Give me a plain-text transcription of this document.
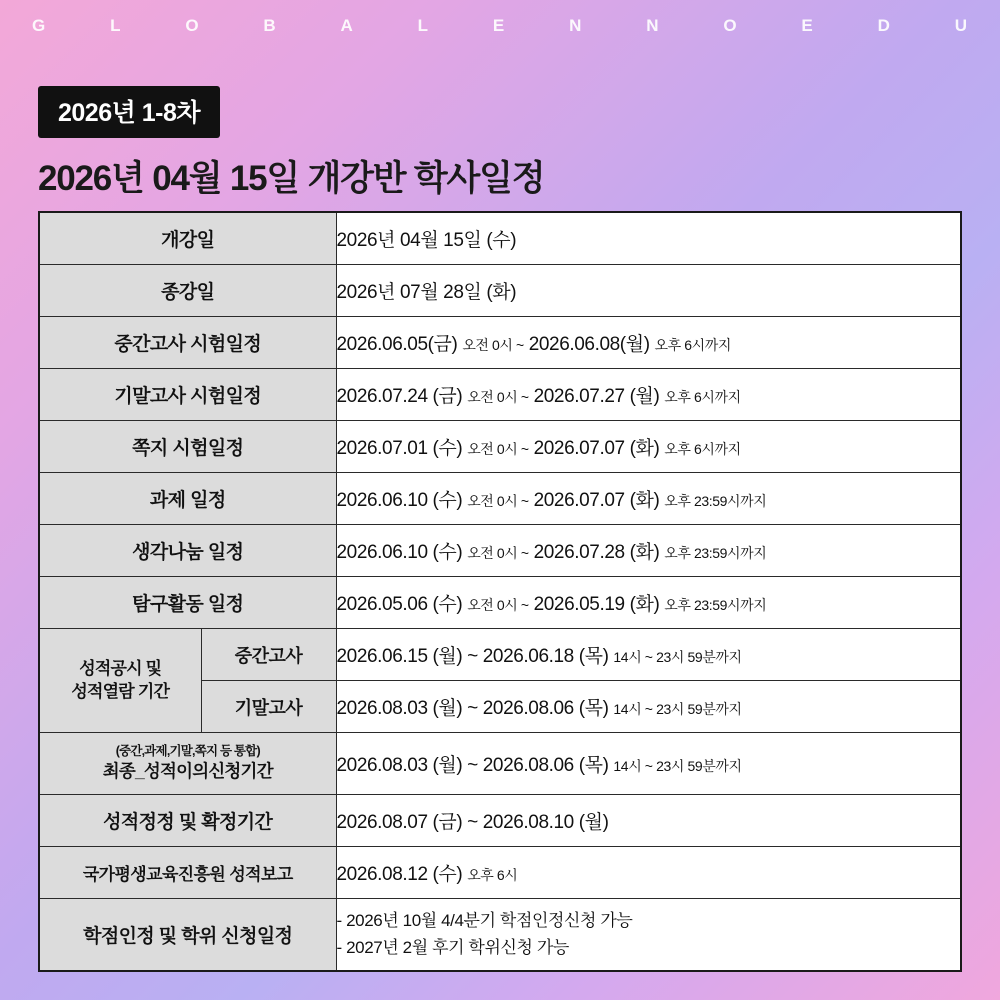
G	L	O	B	A	L	E	N	N	O	E	D	U
2026년 1-8차
2026년 04월 15일 개강반 학사일정
개강일		2026년 04월 15일 (수)
종강일		2026년 07월 28일 (화)
중간고사 시험일정		2026.06.05(금) 오전 0시 ~ 2026.06.08(월) 오후 6시까지
기말고사 시험일정		2026.07.24 (금) 오전 0시 ~ 2026.07.27 (월) 오후 6시까지
쪽지 시험일정		2026.07.01 (수) 오전 0시 ~ 2026.07.07 (화) 오후 6시까지
과제 일정		2026.06.10 (수) 오전 0시 ~ 2026.07.07 (화) 오후 23:59시까지
생각나눔 일정		2026.06.10 (수) 오전 0시 ~ 2026.07.28 (화) 오후 23:59시까지
탐구활동 일정		2026.05.06 (수) 오전 0시 ~ 2026.05.19 (화) 오후 23:59시까지
성적공시 및
성적열람 기간	중간고사	2026.06.15 (월) ~ 2026.06.18 (목) 14시 ~ 23시 59분까지
	기말고사	2026.08.03 (월) ~ 2026.08.06 (목) 14시 ~ 23시 59분까지

(중간,과제,기말,쪽지 등 통합)
최종_성적이의신청기간		2026.08.03 (월) ~ 2026.08.06 (목) 14시 ~ 23시 59분까지
성적정정 및 확정기간		2026.08.07 (금) ~ 2026.08.10 (월)
국가평생교육진흥원 성적보고		2026.08.12 (수) 오후 6시
학점인정 및 학위 신청일정		- 2026년 10월 4/4분기 학점인정신청 가능
- 2027년 2월 후기 학위신청 가능
